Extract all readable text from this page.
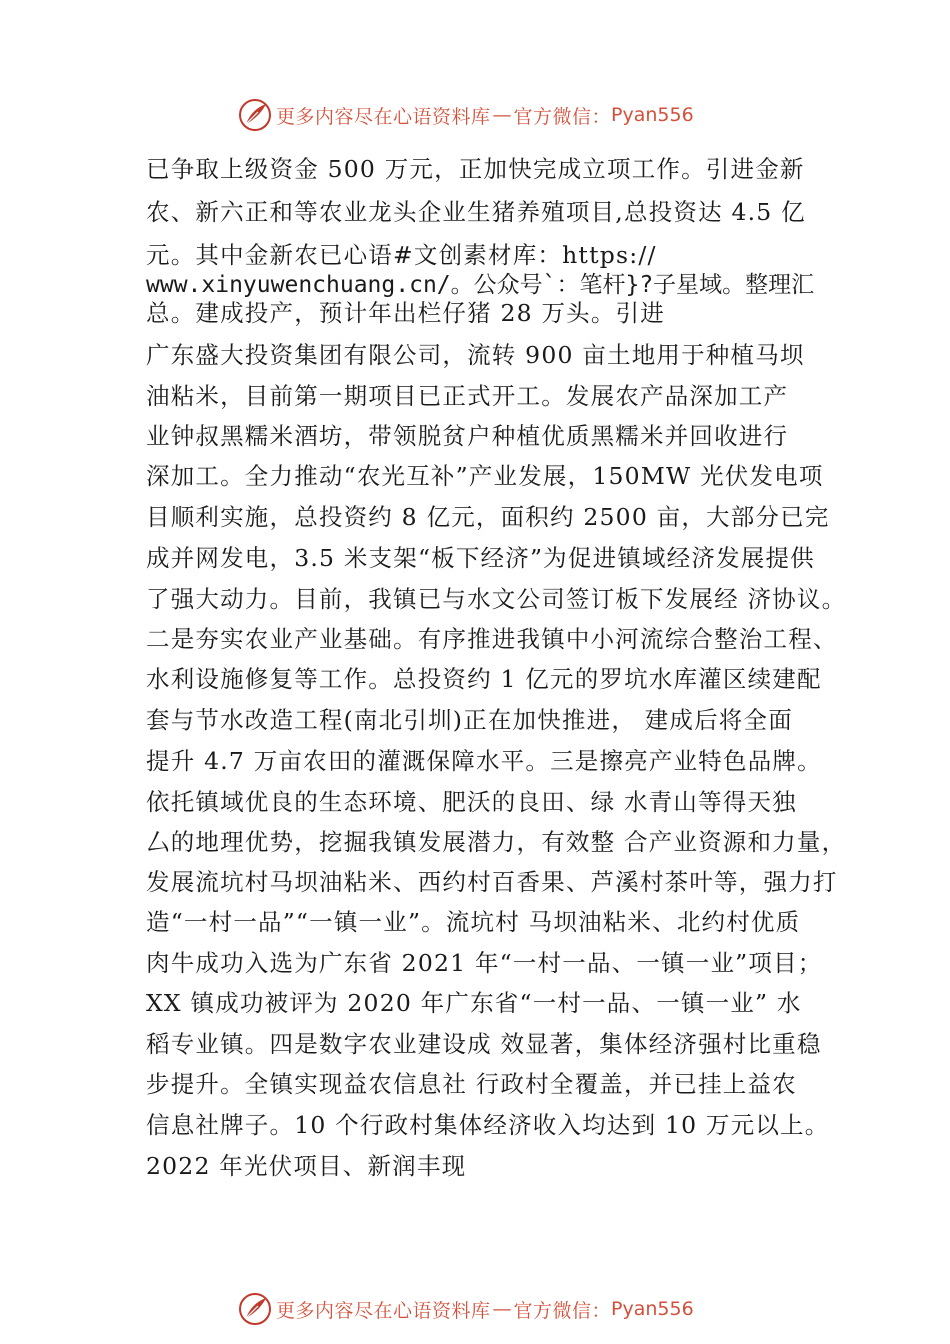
更多内容尽在心语资料库 — 官方微信： Pyan556
已争取上级资金 500 万元，正加快完成立项工作。引进金新
农、新六正和等农业龙头企业生猪养殖项目,总投资达 4.5 亿
元。其中金新农已心语#文创素材库：https://
www.xinyuwenchuang.cn/。公众号`：笔杆}?子星域。整理汇
总。建成投产，预计年出栏仔猪 28 万头。引进
广东盛大投资集团有限公司，流转 900 亩土地用于种植马坝
油粘米，目前第一期项目已正式开工。发展农产品深加工产
业钟叔黑糯米酒坊，带领脱贫户种植优质黑糯米并回收进行
深加工。全力推动“农光互补”产业发展，150MW 光伏发电项
目顺利实施，总投资约 8 亿元，面积约 2500 亩，大部分已完
成并网发电，3.5 米支架“板下经济”为促进镇域经济发展提供
了强大动力。目前，我镇已与水文公司签订板下发展经 济协议。
二是夯实农业产业基础。有序推进我镇中小河流综合整治工程、
水利设施修复等工作。总投资约 1 亿元的罗坑水库灌区续建配
套与节水改造工程(南北引圳)正在加快推进， 建成后将全面
提升 4.7 万亩农田的灌溉保障水平。三是擦亮产业特色品牌。
依托镇域优良的生态环境、肥沃的良田、绿 水青山等得天独
厶的地理优势，挖掘我镇发展潜力，有效整 合产业资源和力量，
发展流坑村马坝油粘米、西约村百香果、芦溪村茶叶等，强力打
造“一村一品”“一镇一业”。流坑村 马坝油粘米、北约村优质
肉牛成功入选为广东省 2021 年“一村一品、一镇一业”项目；
XX 镇成功被评为 2020 年广东省“一村一品、一镇一业” 水
稻专业镇。四是数字农业建设成 效显著，集体经济强村比重稳
步提升。全镇实现益农信息社 行政村全覆盖，并已挂上益农
信息社牌子。10 个行政村集体经济收入均达到 10 万元以上。
2022 年光伏项目、新润丰现
更多内容尽在心语资料库 — 官方微信： Pyan556
